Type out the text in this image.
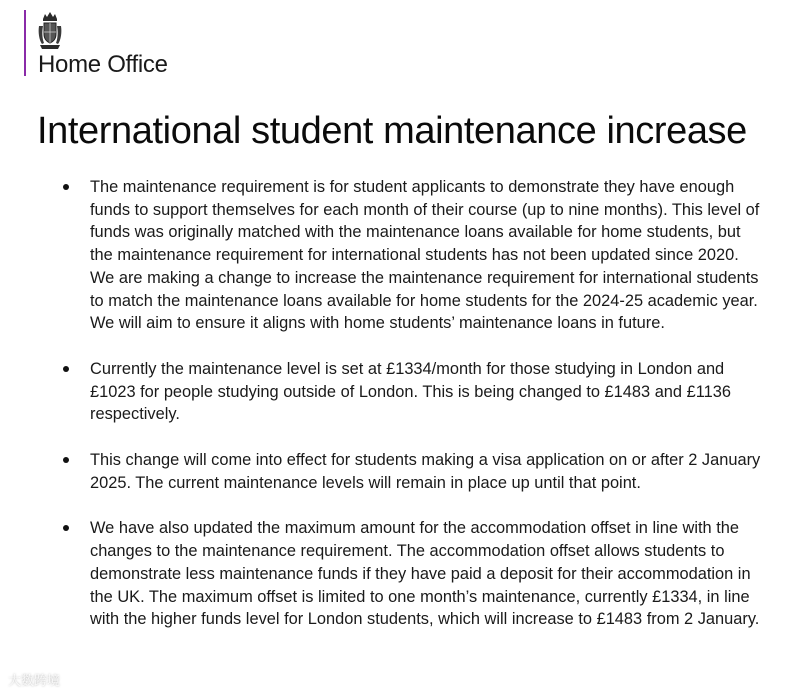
Home Office
International student maintenance increase
The maintenance requirement is for student applicants to demonstrate they have enough funds to support themselves for each month of their course (up to nine months). This level of funds was originally matched with the maintenance loans available for home students, but the maintenance requirement for international students has not been updated since 2020. We are making a change to increase the maintenance requirement for international students to match the maintenance loans available for home students for the 2024-25 academic year. We will aim to ensure it aligns with home students’ maintenance loans in future.
Currently the maintenance level is set at £1334/month for those studying in London and £1023 for people studying outside of London. This is being changed to £1483 and £1136 respectively.
This change will come into effect for students making a visa application on or after 2 January 2025. The current maintenance levels will remain in place up until that point.
We have also updated the maximum amount for the accommodation offset in line with the changes to the maintenance requirement. The accommodation offset allows students to demonstrate less maintenance funds if they have paid a deposit for their accommodation in the UK. The maximum offset is limited to one month’s maintenance, currently £1334, in line with the higher funds level for London students, which will increase to £1483 from 2 January.
大数跨境
